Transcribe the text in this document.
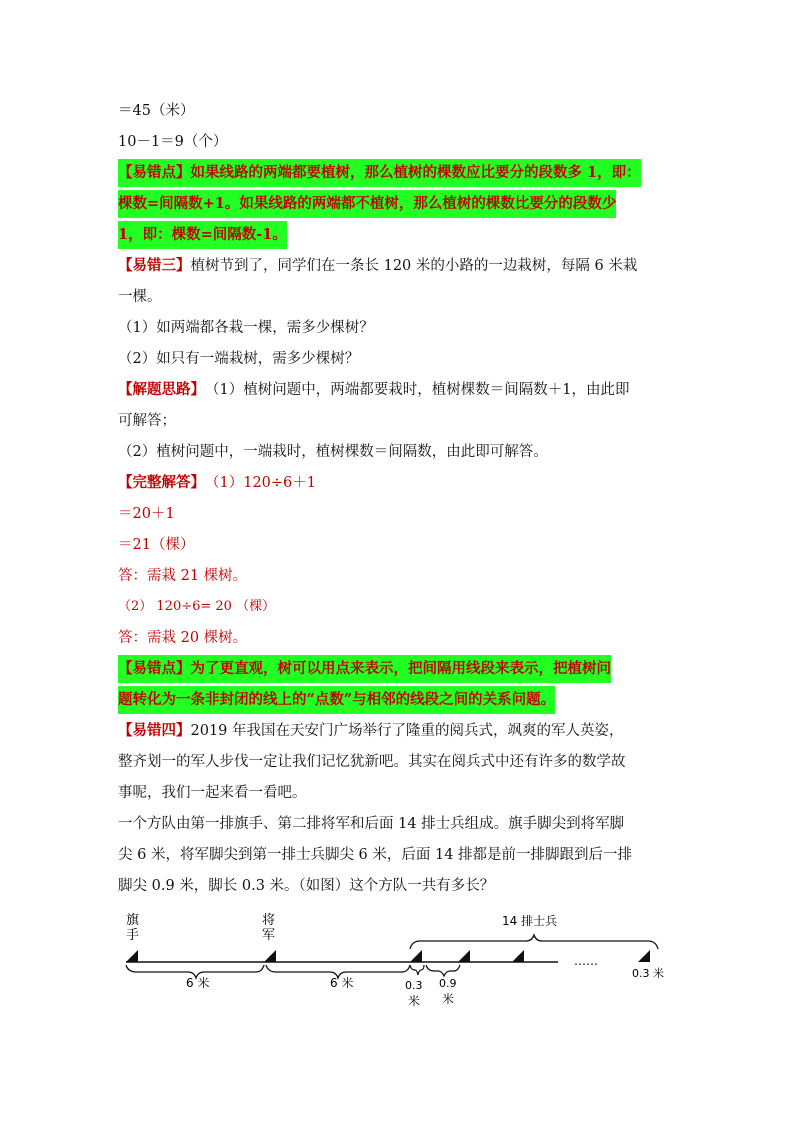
＝45（米）
10－1＝9（个）
【易错点】如果线路的两端都要植树，那么植树的棵数应比要分的段数多 1，即：
棵数=间隔数+1。如果线路的两端都不植树，那么植树的棵数比要分的段数少
1，即：棵数=间隔数-1。
【易错三】 植树节到了，同学们在一条长 120 米的小路的一边栽树，每隔 6 米栽
一棵。
（1）如两端都各栽一棵，需多少棵树？
（2）如只有一端栽树，需多少棵树？
【解题思路】 （1）植树问题中，两端都要栽时，植树棵数＝间隔数＋1，由此即
可解答；
（2）植树问题中，一端栽时，植树棵数＝间隔数，由此即可解答。
【完整解答】 （1）120÷6＋1
＝20＋1
＝21（棵）
答：需栽 21 棵树。
（2） 120÷6= 20 （棵）
答：需栽 20 棵树。
【易错点】为了更直观，树可以用点来表示，把间隔用线段来表示，把植树问
题转化为一条非封闭的线上的“点数”与相邻的线段之间的关系问题。
【易错四】 2019 年我国在天安门广场举行了隆重的阅兵式，飒爽的军人英姿，
整齐划一的军人步伐一定让我们记忆犹新吧。其实在阅兵式中还有许多的数学故
事呢，我们一起来看一看吧。
一个方队由第一排旗手、第二排将军和后面 14 排士兵组成。旗手脚尖到将军脚
尖 6 米，将军脚尖到第一排士兵脚尖 6 米，后面 14 排都是前一排脚跟到后一排
脚尖 0.9 米，脚长 0.3 米。（如图）这个方队一共有多长？
旗
手
将
军
14 排士兵
6 米	6 米	0.3
米
0.9
米
……
0.3 米
